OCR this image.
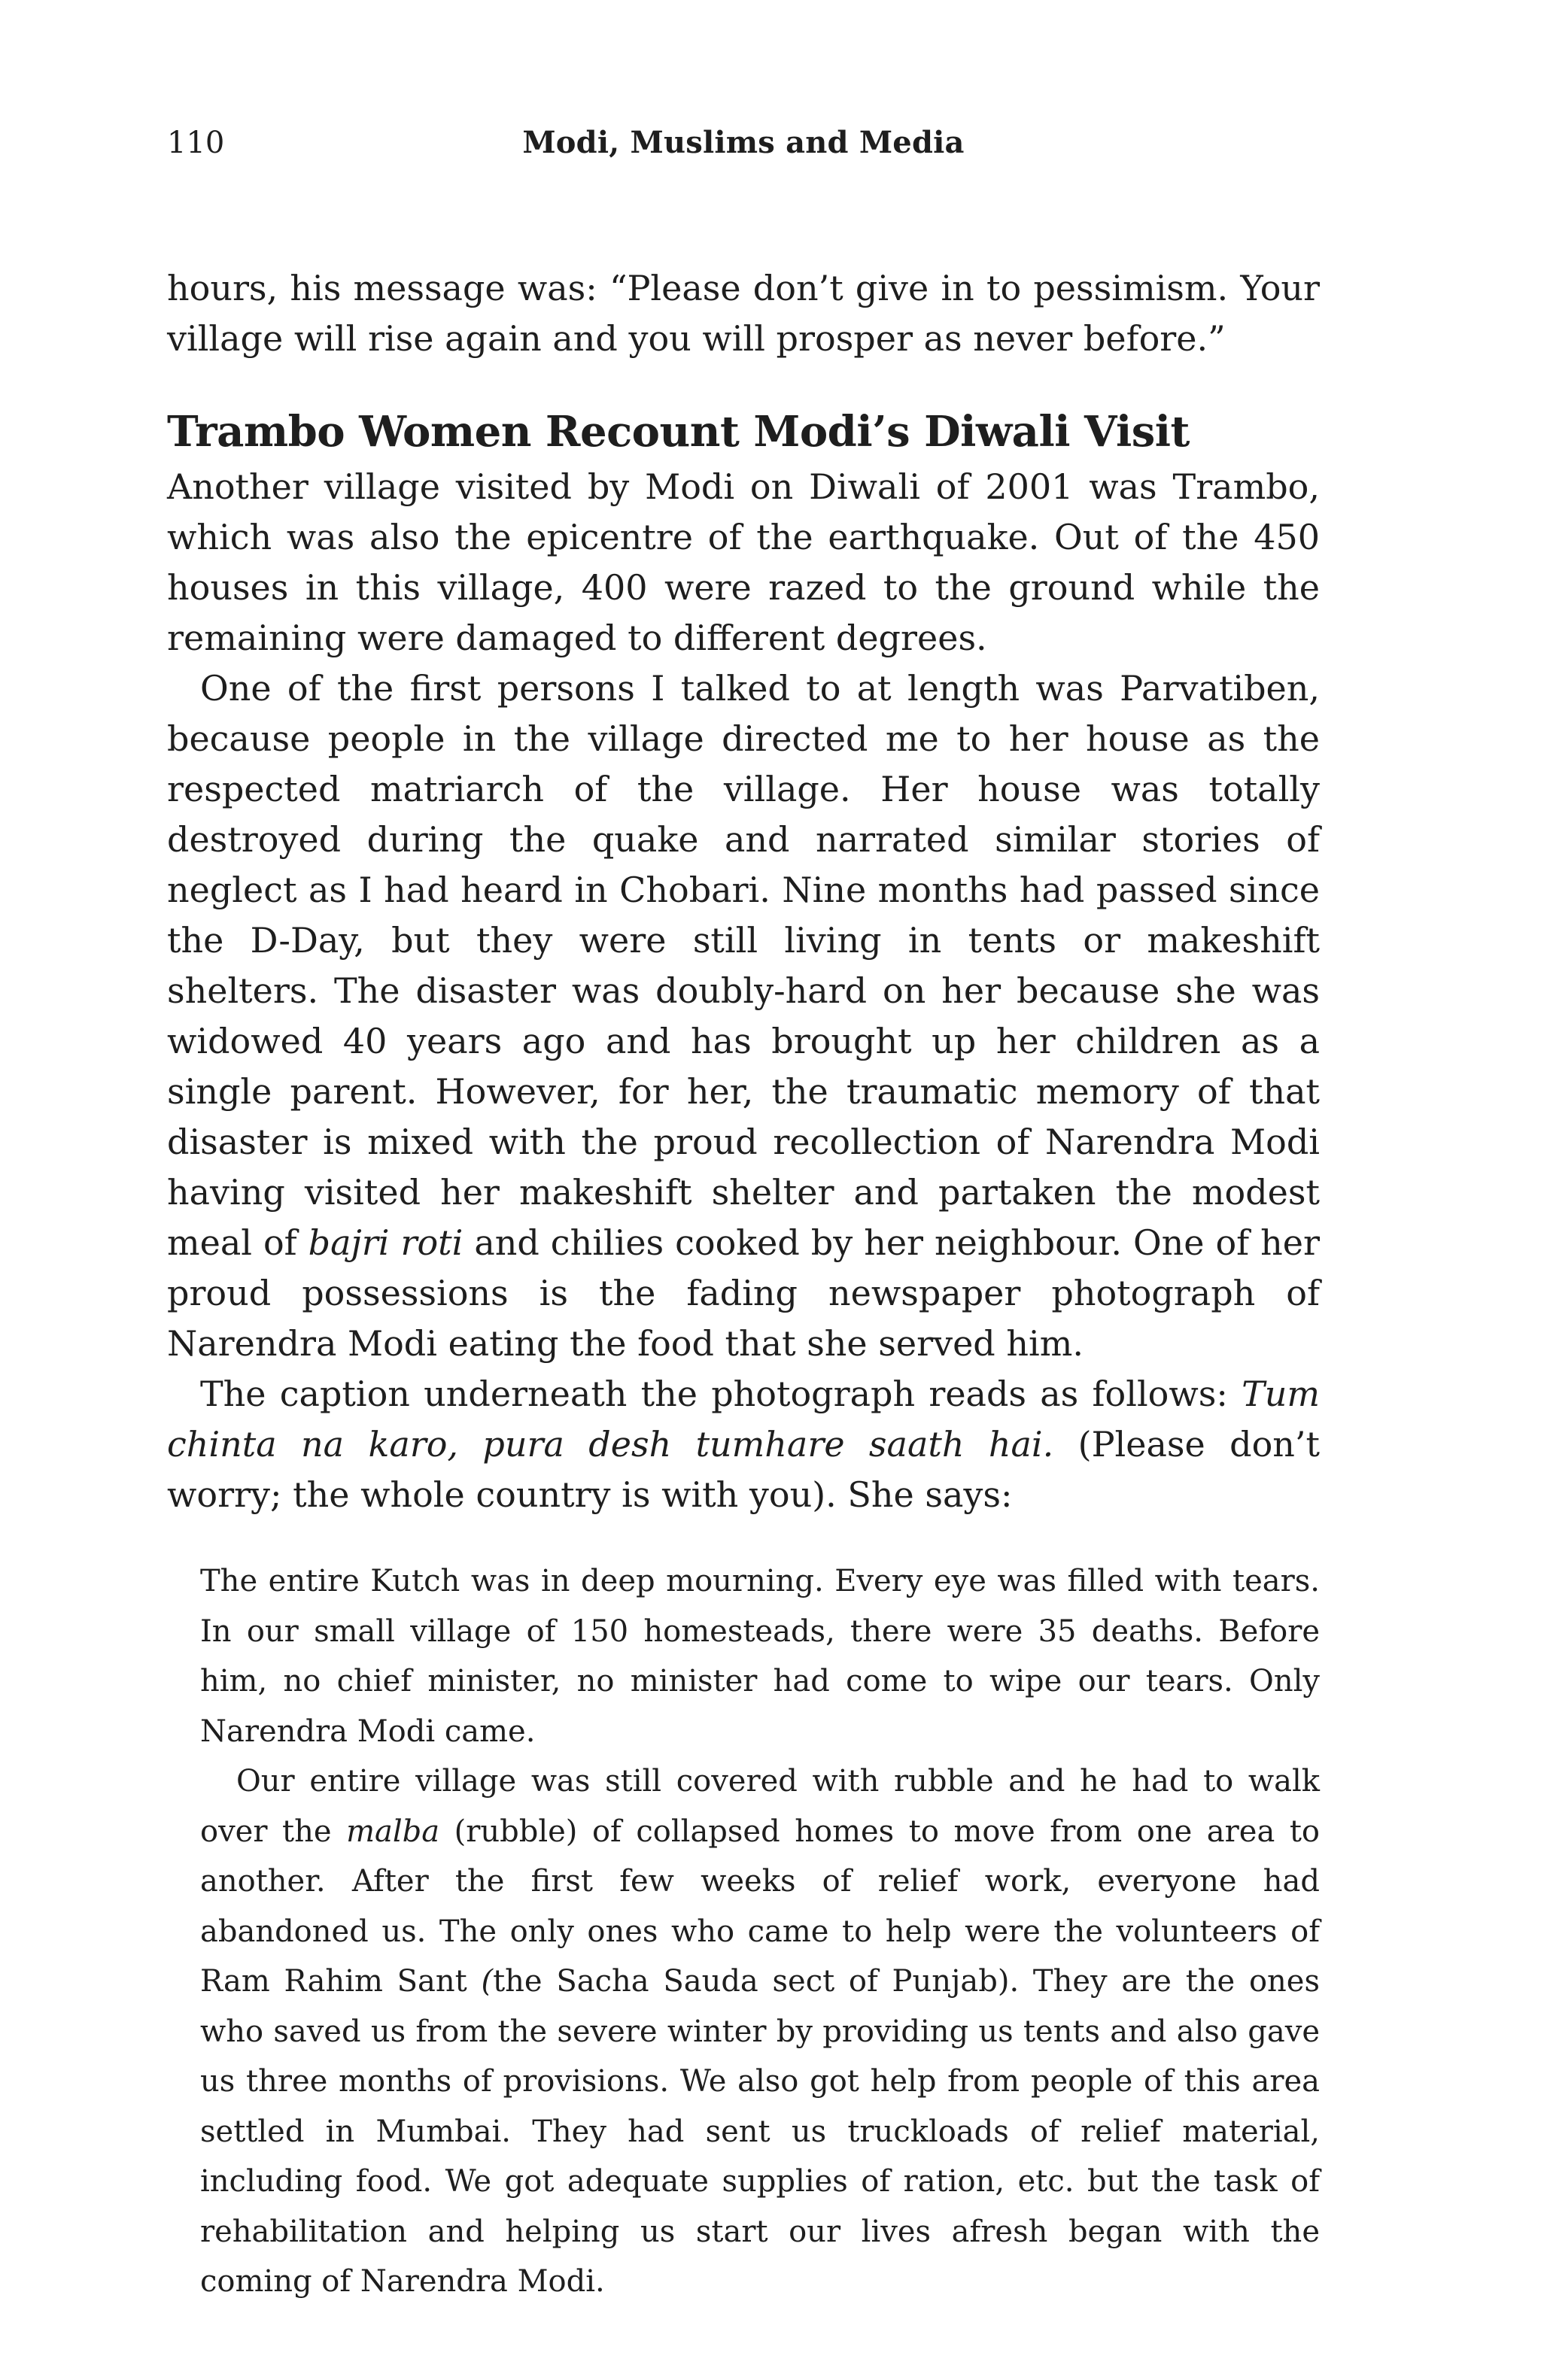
110	Modi, Muslims and Media

hours, his message was: “Please don’t give in to pessimism. Your village will rise again and you will prosper as never before.”

Trambo Women Recount Modi’s Diwali Visit

Another village visited by Modi on Diwali of 2001 was Trambo, which was also the epicentre of the earthquake. Out of the 450 houses in this village, 400 were razed to the ground while the remaining were damaged to different degrees.

One of the first persons I talked to at length was Parvatiben, because people in the village directed me to her house as the respected matriarch of the village. Her house was totally destroyed during the quake and narrated similar stories of neglect as I had heard in Chobari. Nine months had passed since the D-Day, but they were still living in tents or makeshift shelters. The disaster was doubly-hard on her because she was widowed 40 years ago and has brought up her children as a single parent. However, for her, the traumatic memory of that disaster is mixed with the proud recollection of Narendra Modi having visited her makeshift shelter and partaken the modest meal of bajri roti and chilies cooked by her neighbour. One of her proud possessions is the fading newspaper photograph of Narendra Modi eating the food that she served him.

The caption underneath the photograph reads as follows: Tum chinta na karo, pura desh tumhare saath hai. (Please don’t worry; the whole country is with you). She says:

The entire Kutch was in deep mourning. Every eye was filled with tears. In our small village of 150 homesteads, there were 35 deaths. Before him, no chief minister, no minister had come to wipe our tears. Only Narendra Modi came.

Our entire village was still covered with rubble and he had to walk over the malba (rubble) of collapsed homes to move from one area to another. After the first few weeks of relief work, everyone had abandoned us. The only ones who came to help were the volunteers of Ram Rahim Sant (the Sacha Sauda sect of Punjab). They are the ones who saved us from the severe winter by providing us tents and also gave us three months of provisions. We also got help from people of this area settled in Mumbai. They had sent us truckloads of relief material, including food. We got adequate supplies of ration, etc. but the task of rehabilitation and helping us start our lives afresh began with the coming of Narendra Modi.
